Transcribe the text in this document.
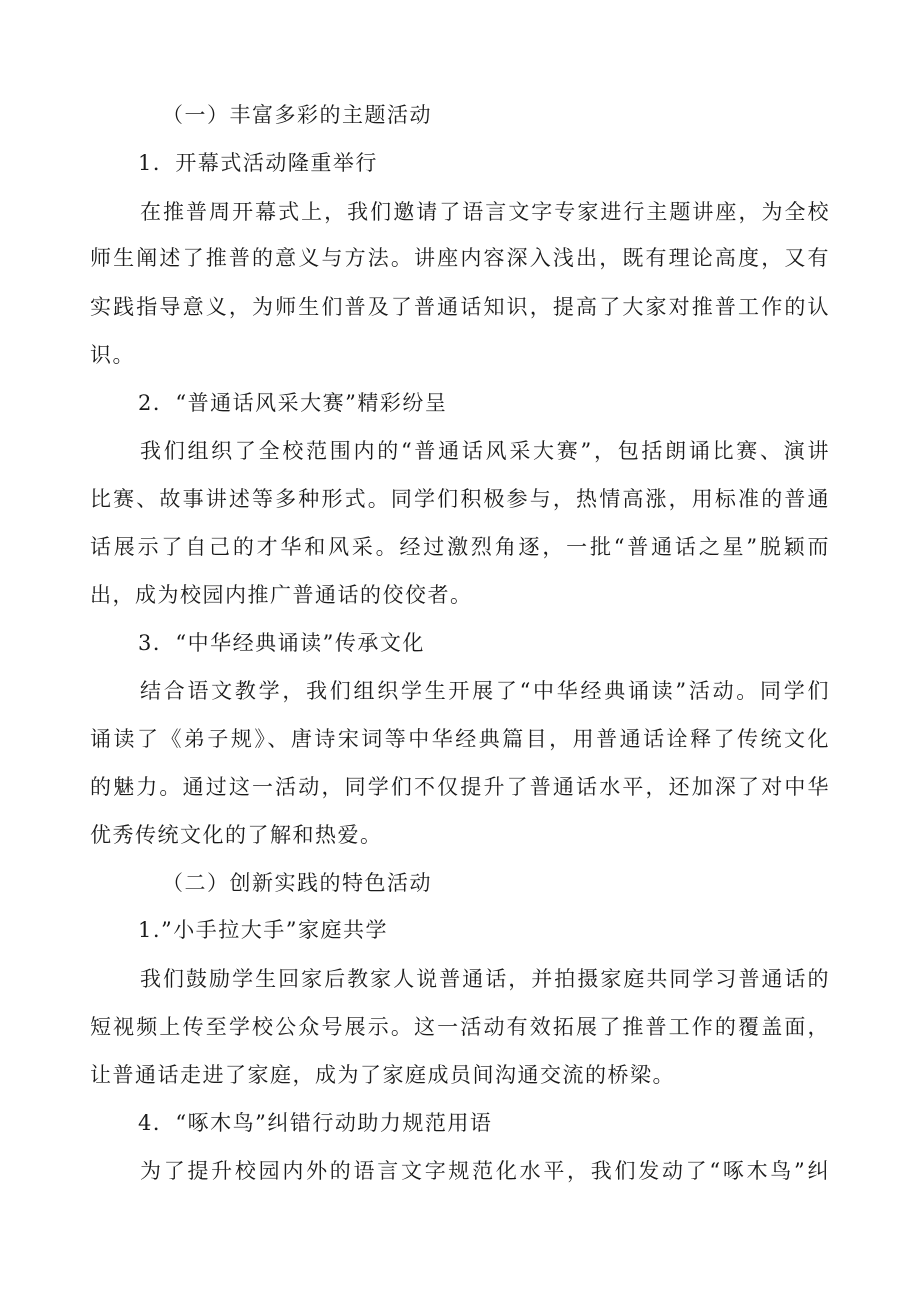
（一）丰富多彩的主题活动
1．开幕式活动隆重举行
在推普周开幕式上，我们邀请了语言文字专家进行主题讲座，为全校
师生阐述了推普的意义与方法。讲座内容深入浅出，既有理论高度，又有
实践指导意义，为师生们普及了普通话知识，提高了大家对推普工作的认
识。
2．“普通话风采大赛”精彩纷呈
我们组织了全校范围内的“普通话风采大赛”，包括朗诵比赛、演讲
比赛、故事讲述等多种形式。同学们积极参与，热情高涨，用标准的普通
话展示了自己的才华和风采。经过激烈角逐，一批“普通话之星”脱颖而
出，成为校园内推广普通话的佼佼者。
3．“中华经典诵读”传承文化
结合语文教学，我们组织学生开展了“中华经典诵读”活动。同学们
诵读了《弟子规》、唐诗宋词等中华经典篇目，用普通话诠释了传统文化
的魅力。通过这一活动，同学们不仅提升了普通话水平，还加深了对中华
优秀传统文化的了解和热爱。
（二）创新实践的特色活动
1.”小手拉大手”家庭共学
我们鼓励学生回家后教家人说普通话，并拍摄家庭共同学习普通话的
短视频上传至学校公众号展示。这一活动有效拓展了推普工作的覆盖面，
让普通话走进了家庭，成为了家庭成员间沟通交流的桥梁。
4．“啄木鸟”纠错行动助力规范用语
为了提升校园内外的语言文字规范化水平，我们发动了“啄木鸟”纠
